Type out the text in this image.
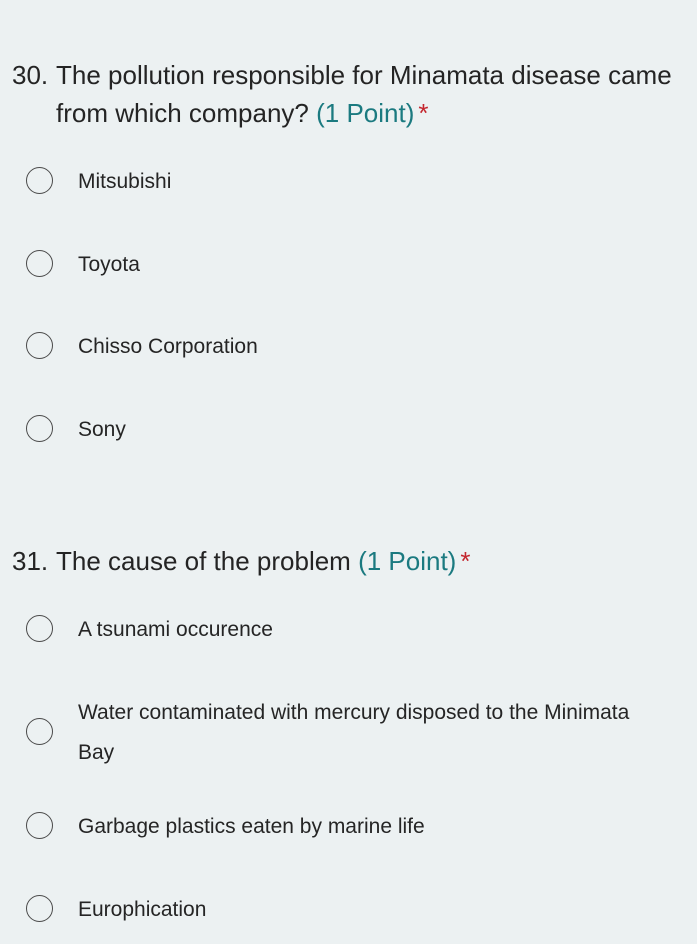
30. The pollution responsible for Minamata disease came from which company? (1 Point) *
Mitsubishi
Toyota
Chisso Corporation
Sony
31. The cause of the problem (1 Point) *
A tsunami occurence
Water contaminated with mercury disposed to the Minimata Bay
Garbage plastics eaten by marine life
Europhication
